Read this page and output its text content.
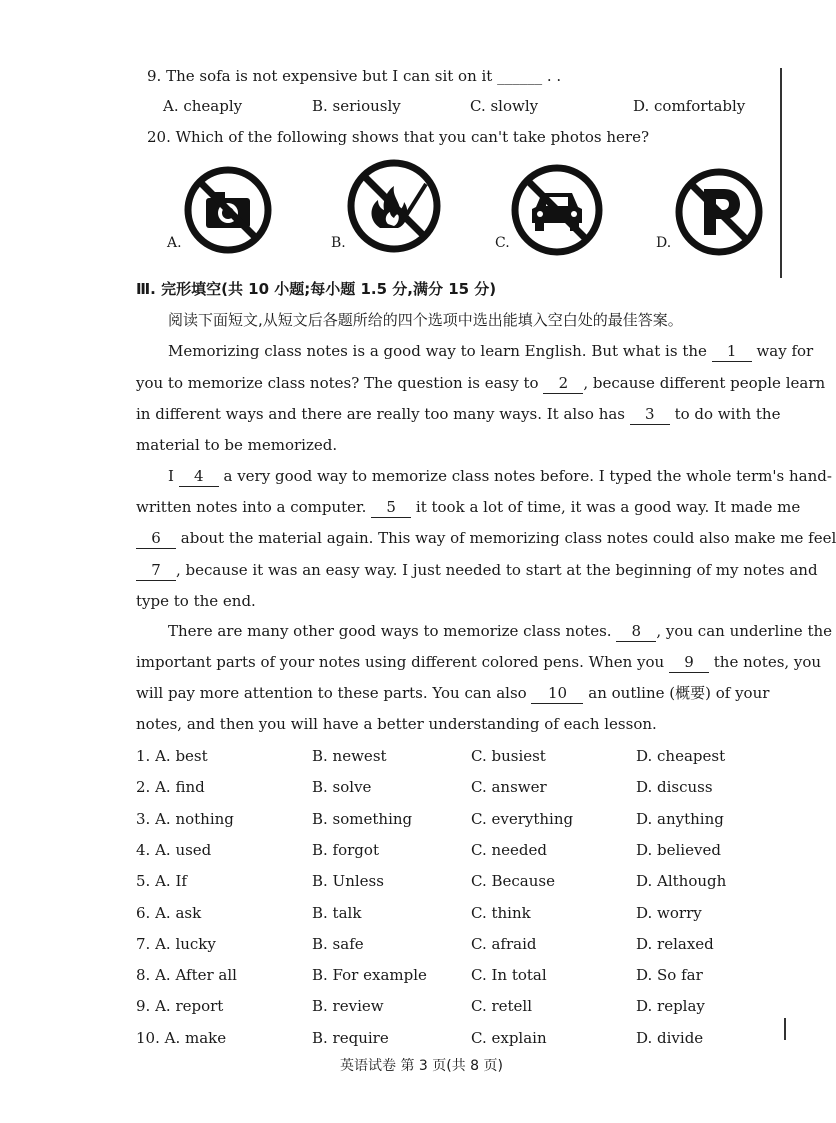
9. The sofa is not expensive but I can sit on it ______ . .
A. cheaply	B. seriously	C. slowly	D. comfortably
20. Which of the following shows that you can't take photos here?
A.	B.	C.	D.
Ⅲ. 完形填空(共 10 小题;每小题 1.5 分,满分 15 分)
阅读下面短文,从短文后各题所给的四个选项中选出能填入空白处的最佳答案。
Memorizing class notes is a good way to learn English. But what is the 1 way for
you to memorize class notes? The question is easy to 2 , because different people learn
in different ways and there are really too many ways. It also has 3 to do with the
material to be memorized.
I 4 a very good way to memorize class notes before. I typed the whole term's hand-
written notes into a computer. 5 it took a lot of time, it was a good way. It made me
6 about the material again. This way of memorizing class notes could also make me feel
7 , because it was an easy way. I just needed to start at the beginning of my notes and
type to the end.
There are many other good ways to memorize class notes. 8 , you can underline the
important parts of your notes using different colored pens. When you 9 the notes, you
will pay more attention to these parts. You can also 10 an outline (概要) of your
notes, and then you will have a better understanding of each lesson.
1. A. best	B. newest	C. busiest	D. cheapest
2. A. find	B. solve	C. answer	D. discuss
3. A. nothing	B. something	C. everything	D. anything
4. A. used	B. forgot	C. needed	D. believed
5. A. If	B. Unless	C. Because	D. Although
6. A. ask	B. talk	C. think	D. worry
7. A. lucky	B. safe	C. afraid	D. relaxed
8. A. After all	B. For example	C. In total	D. So far
9. A. report	B. review	C. retell	D. replay
10. A. make	B. require	C. explain	D. divide
英语试卷 第 3 页(共 8 页)
